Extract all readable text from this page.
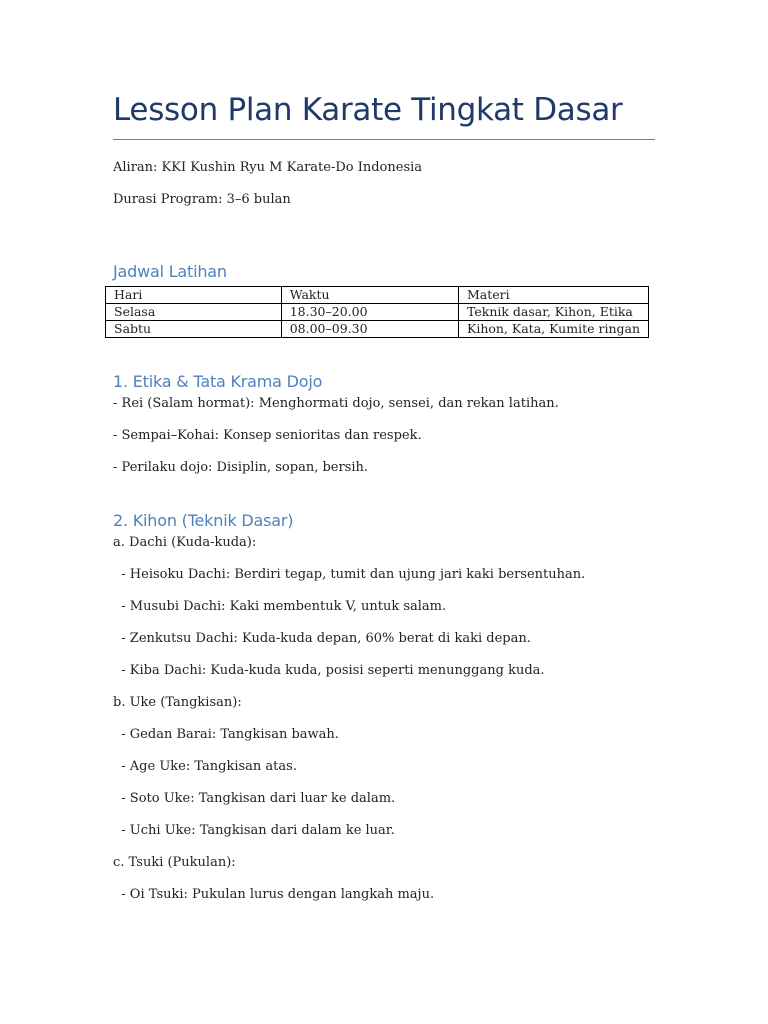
Lesson Plan Karate Tingkat Dasar

Aliran: KKI Kushin Ryu M Karate-Do Indonesia

Durasi Program: 3–6 bulan

Jadwal Latihan
Hari	Waktu	Materi
Selasa	18.30–20.00	Teknik dasar, Kihon, Etika
Sabtu	08.00–09.30	Kihon, Kata, Kumite ringan
1. Etika & Tata Krama Dojo

- Rei (Salam hormat): Menghormati dojo, sensei, dan rekan latihan.

- Sempai–Kohai: Konsep senioritas dan respek.

- Perilaku dojo: Disiplin, sopan, bersih.

2. Kihon (Teknik Dasar)

a. Dachi (Kuda-kuda):

- Heisoku Dachi: Berdiri tegap, tumit dan ujung jari kaki bersentuhan.

- Musubi Dachi: Kaki membentuk V, untuk salam.

- Zenkutsu Dachi: Kuda-kuda depan, 60% berat di kaki depan.

- Kiba Dachi: Kuda-kuda kuda, posisi seperti menunggang kuda.

b. Uke (Tangkisan):

- Gedan Barai: Tangkisan bawah.

- Age Uke: Tangkisan atas.

- Soto Uke: Tangkisan dari luar ke dalam.

- Uchi Uke: Tangkisan dari dalam ke luar.

c. Tsuki (Pukulan):

- Oi Tsuki: Pukulan lurus dengan langkah maju.
